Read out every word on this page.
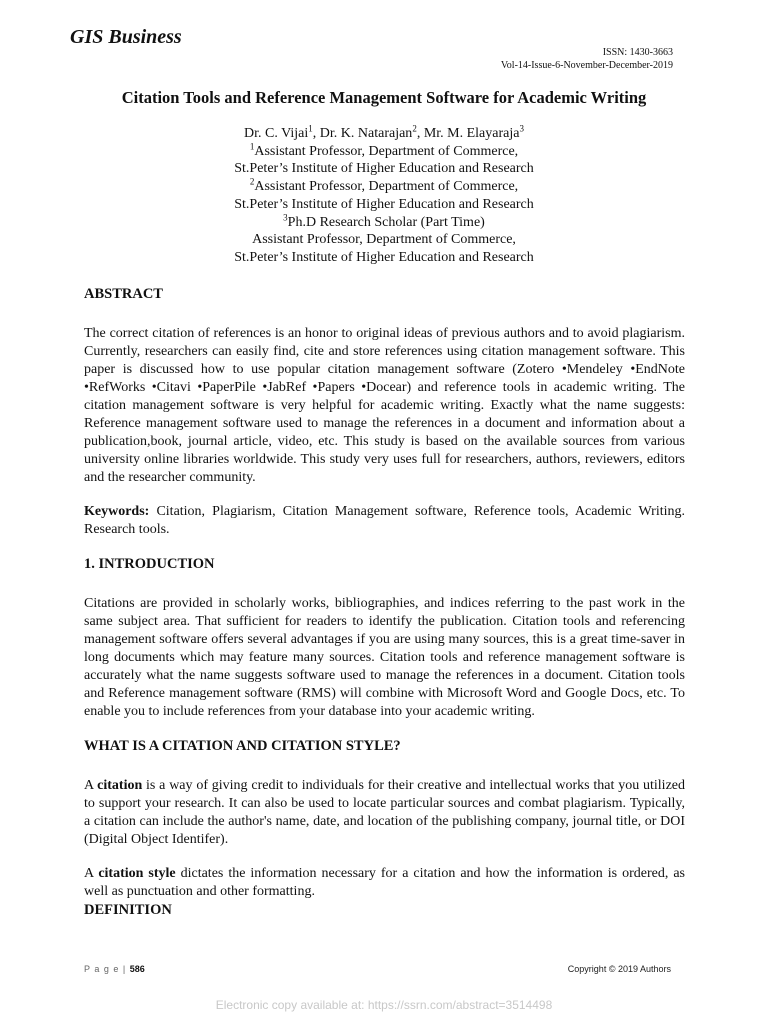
GIS Business
ISSN: 1430-3663
Vol-14-Issue-6-November-December-2019
Citation Tools and Reference Management Software for Academic Writing
Dr. C. Vijai$^1$, Dr. K. Natarajan$^2$, Mr. M. Elayaraja$^3$
$^1$Assistant Professor, Department of Commerce,
St.Peter’s Institute of Higher Education and Research
$^2$Assistant Professor, Department of Commerce,
St.Peter’s Institute of Higher Education and Research
$^3$Ph.D Research Scholar (Part Time)
Assistant Professor, Department of Commerce,
St.Peter’s Institute of Higher Education and Research
ABSTRACT

The correct citation of references is an honor to original ideas of previous authors and to avoid plagiarism. Currently, researchers can easily find, cite and store references using citation management software. This paper is discussed how to use popular citation management software (Zotero •Mendeley •EndNote •RefWorks •Citavi •PaperPile •JabRef •Papers •Docear) and reference tools in academic writing. The citation management software is very helpful for academic writing. Exactly what the name suggests: Reference management software used to manage the references in a document and information about a publication,book, journal article, video, etc. This study is based on the available sources from various university online libraries worldwide. This study very uses full for researchers, authors, reviewers, editors and the researcher community.

Keywords: Citation, Plagiarism, Citation Management software, Reference tools, Academic Writing. Research tools.

1. INTRODUCTION

Citations are provided in scholarly works, bibliographies, and indices referring to the past work in the same subject area. That sufficient for readers to identify the publication. Citation tools and referencing management software offers several advantages if you are using many sources, this is a great time-saver in long documents which may feature many sources. Citation tools and reference management software is accurately what the name suggests software used to manage the references in a document. Citation tools and Reference management software (RMS) will combine with Microsoft Word and Google Docs, etc. To enable you to include references from your database into your academic writing.

WHAT IS A CITATION AND CITATION STYLE?

A citation is a way of giving credit to individuals for their creative and intellectual works that you utilized to support your research. It can also be used to locate particular sources and combat plagiarism. Typically, a citation can include the author's name, date, and location of the publishing company, journal title, or DOI (Digital Object Identifer).

A citation style dictates the information necessary for a citation and how the information is ordered, as well as punctuation and other formatting.

DEFINITION
P a g e | 586	Copyright © 2019 Authors
Electronic copy available at: https://ssrn.com/abstract=3514498
